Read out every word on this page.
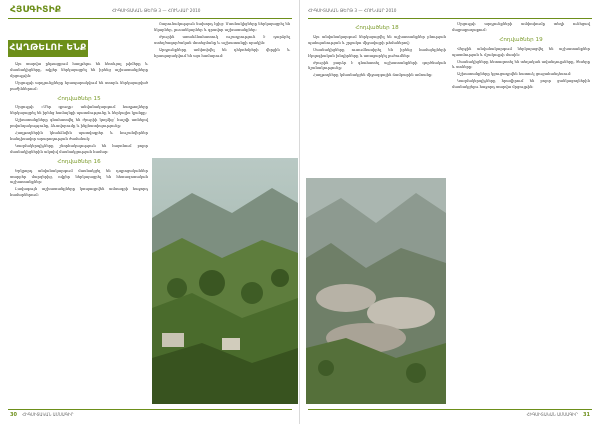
ՀՅՍԳԻՏԻՔ	ՀԻԳՍԻՏԱԿԱՆ ԹԵՐԹ 3 — ՀՈՒՆՎԱՐ 2010
ՀԱՂԹԵԼՈՒ ԵՆՔ

Այս տարվա ընթացքում հաղթելու են հետևյալ թիմերը և մասնակիցները, ովքեր ներկայացրել են իրենց աշխատանքները մրցույթին։

Մրցույթի արդյունքները հրապարակվում են ստորև ներկայացված բաժիններում։

Հոդվածներ 15

Մրցույթի «Մեր գյուղը» անվանակարգում հաղթողները ներկայացրել են իրենց համայնքի պատմությունը և ներկայիս կյանքը։

Աշխատանքները գնահատվել են ժյուրիի կողմից՝ հաշվի առնելով բովանդակությունը, ձևավորումը և ինքնատիպությունը։

Հաղթողներին կհանձնվեն պատվոգրեր և հուշանվերներ հանդիսավոր արարողության ժամանակ։

Կազմակերպիչները շնորհակալություն են հայտնում բոլոր մասնակիցներին ակտիվ մասնակցության համար։

Հոդվածներ 16

Երկրորդ անվանակարգում մասնակցել են դպրոցականներ տարբեր մարզերից, ովքեր ներկայացրել են հետազոտական աշխատանքներ։

Լավագույն աշխատանքները կտպագրվեն ամսագրի հաջորդ համարներում։

Շարունակություն նախորդ էջից։ Մասնակիցները ներկայացրել են նկարներ, լուսանկարներ և գրավոր աշխատանքներ։

Ժյուրին առանձնահատուկ ուշադրություն է դարձրել ստեղծագործական մոտեցմանը և աշխատանքի որակին։

Արդյունքները ամփոփվել են դեկտեմբերի վերջին և հրապարակվում են այս համարում։

30 ՀԻԳՍԻՏԱԿԱՆ ԱՄՍԱԳԻՐ
ՀԻԳՍԻՏԱԿԱՆ ԹԵՐԹ 3 — ՀՈՒՆՎԱՐ 2010
Հոդվածներ 18

Այս անվանակարգում ներկայացվել են աշխատանքներ բնության պահպանության և շրջակա միջավայրի թեմաներով։

Մասնակիցները ուսումնասիրել են իրենց համայնքների էկոլոգիական խնդիրները և առաջարկել լուծումներ։

Ժյուրին բարձր է գնահատել աշխատանքների գործնական նշանակությունը։

Հաղթողները կմասնակցեն միջազգային ճամբարին ամռանը։

Մրցույթի արդյունքների ամփոփումը տեղի ունեցավ մայրաքաղաքում։

Հոդվածներ 19

Վերջին անվանակարգում ներկայացվել են աշխատանքներ պատմության և մշակույթի մասին։

Մասնակիցները հետազոտել են տեղական ավանդույթները, ծեսերը և տոները։

Աշխատանքները կցուցադրվեն հատուկ ցուցահանդեսում։

Կազմակերպիչները հրավիրում են բոլոր ցանկացողներին մասնակցելու հաջորդ տարվա մրցույթին։

ՀԻԳՍԻՏԱԿԱՆ ԱՄՍԱԳԻՐ 31
